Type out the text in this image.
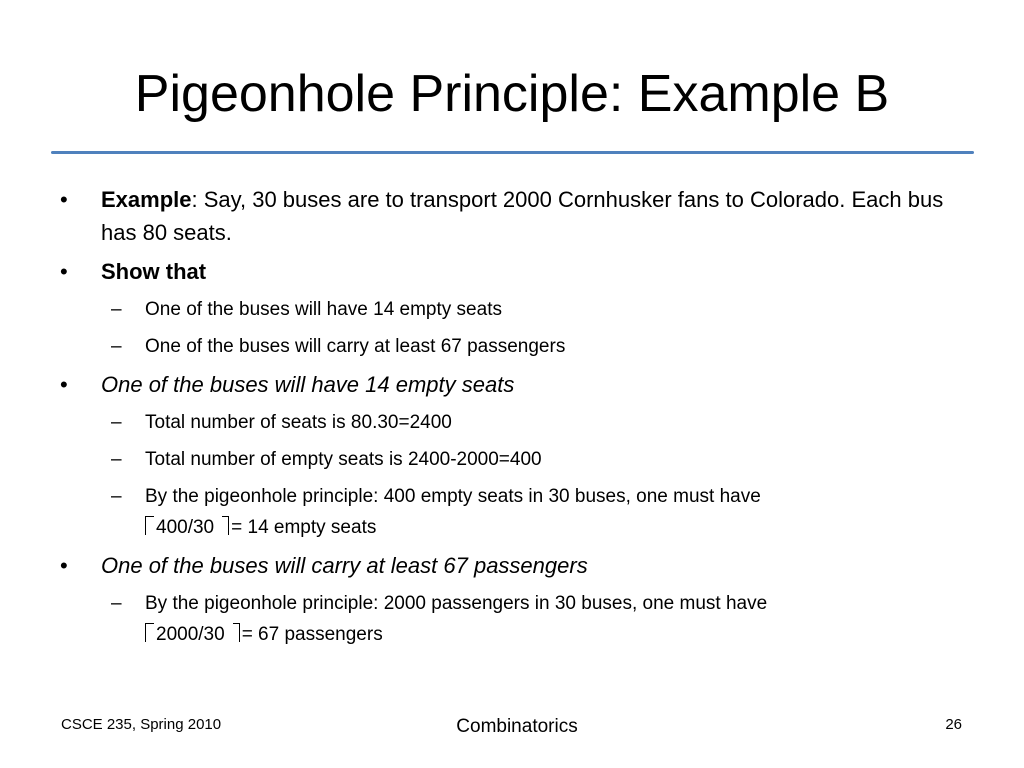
Pigeonhole Principle: Example B
•	Example: Say, 30 buses are to transport 2000 Cornhusker fans to Colorado. Each bus has 80 seats.
•	Show that
– One of the buses will have 14 empty seats
– One of the buses will carry at least 67 passengers
•	One of the buses will have 14 empty seats
– Total number of seats is 80.30=2400
– Total number of empty seats is 2400-2000=400
– By the pigeonhole principle: 400 empty seats in 30 buses, one must have
400/30 = 14 empty seats
•	One of the buses will carry at least 67 passengers
– By the pigeonhole principle: 2000 passengers in 30 buses, one must have
2000/30 = 67 passengers
CSCE 235, Spring 2010	Combinatorics	26
